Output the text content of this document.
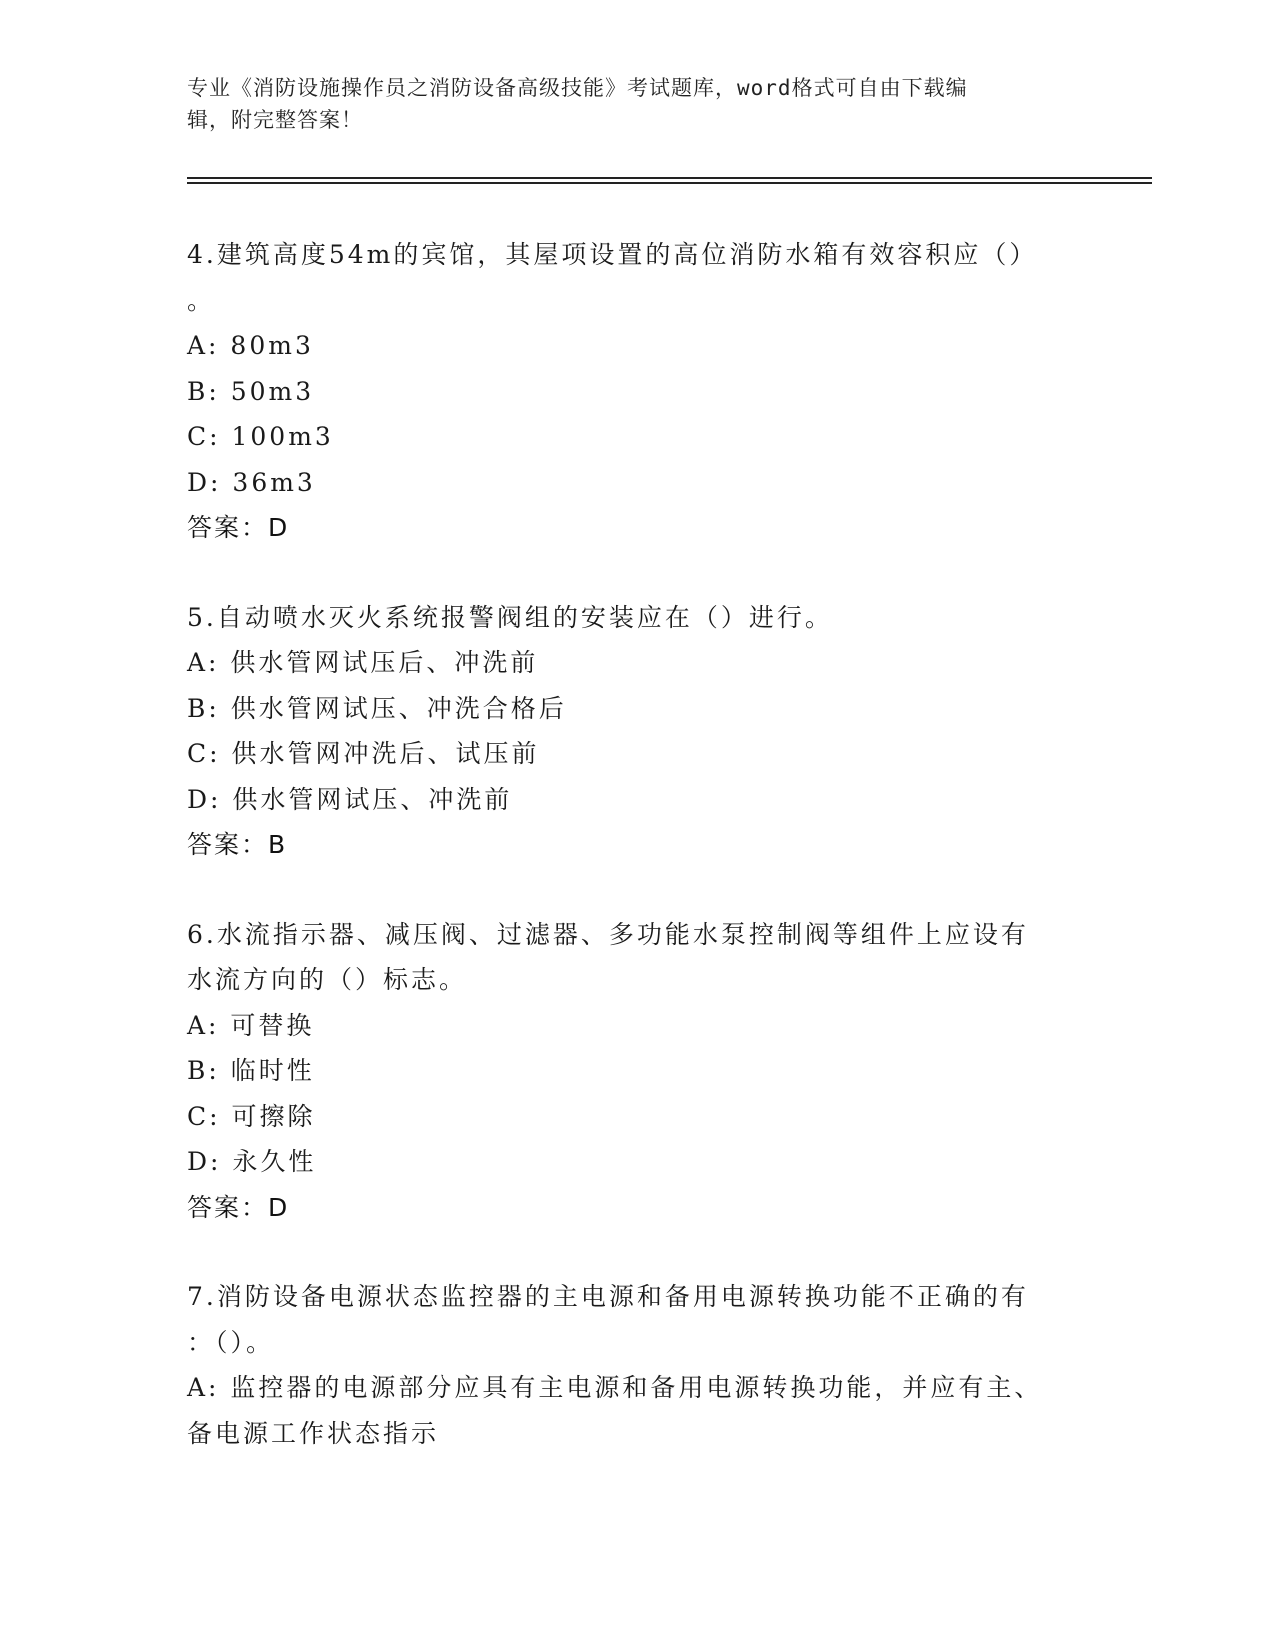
专业《消防设施操作员之消防设备高级技能》考试题库，word格式可自由下载编
辑，附完整答案！
4.建筑高度54m的宾馆，其屋项设置的高位消防水箱有效容积应（）
。
A: 80m3
B: 50m3
C: 100m3
D: 36m3
答案：D
5.自动喷水灭火系统报警阀组的安装应在（）进行。
A: 供水管网试压后、冲洗前
B: 供水管网试压、冲洗合格后
C: 供水管网冲洗后、试压前
D: 供水管网试压、冲洗前
答案：B
6.水流指示器、减压阀、过滤器、多功能水泵控制阀等组件上应设有
水流方向的（）标志。
A: 可替换
B: 临时性
C: 可擦除
D: 永久性
答案：D
7.消防设备电源状态监控器的主电源和备用电源转换功能不正确的有
：（）。
A: 监控器的电源部分应具有主电源和备用电源转换功能，并应有主、
备电源工作状态指示
